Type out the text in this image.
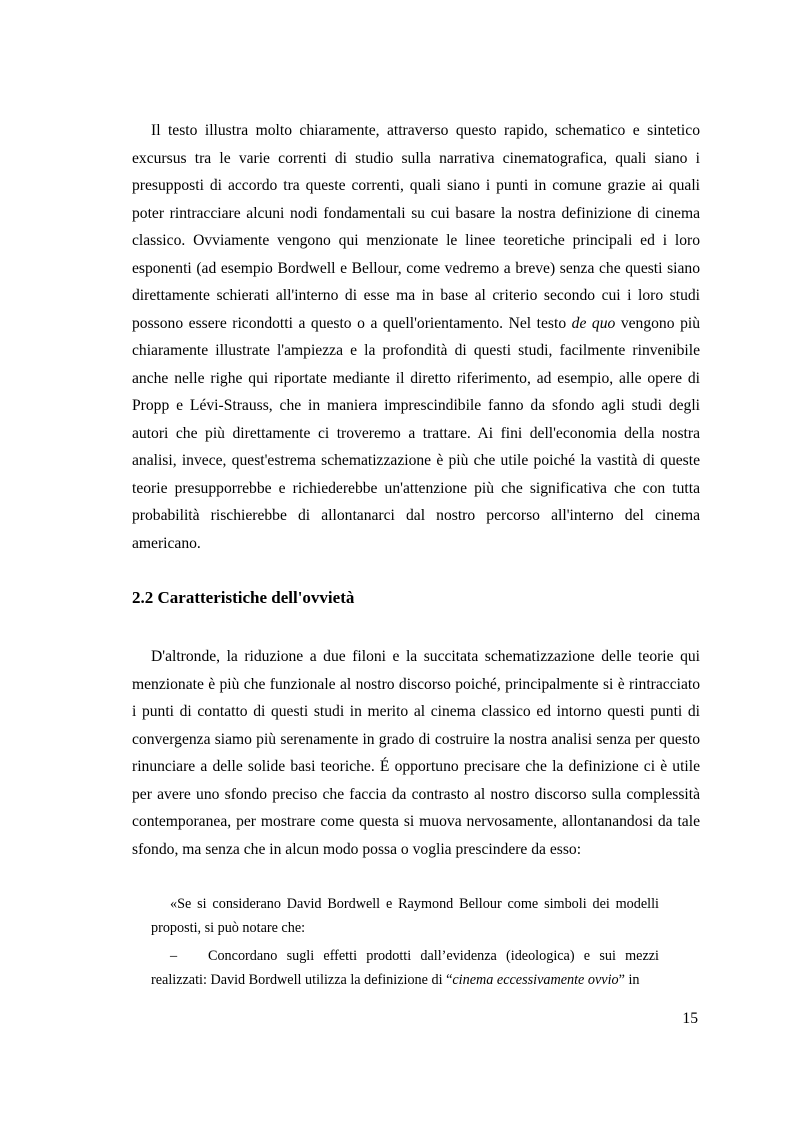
Il testo illustra molto chiaramente, attraverso questo rapido, schematico e sintetico excursus tra le varie correnti di studio sulla narrativa cinematografica, quali siano i presupposti di accordo tra queste correnti, quali siano i punti in comune grazie ai quali poter rintracciare alcuni nodi fondamentali su cui basare la nostra definizione di cinema classico. Ovviamente vengono qui menzionate le linee teoretiche principali ed i loro esponenti (ad esempio Bordwell e Bellour, come vedremo a breve) senza che questi siano direttamente schierati all'interno di esse ma in base al criterio secondo cui i loro studi possono essere ricondotti a questo o a quell'orientamento. Nel testo de quo vengono più chiaramente illustrate l'ampiezza e la profondità di questi studi, facilmente rinvenibile anche nelle righe qui riportate mediante il diretto riferimento, ad esempio, alle opere di Propp e Lévi-Strauss, che in maniera imprescindibile fanno da sfondo agli studi degli autori che più direttamente ci troveremo a trattare. Ai fini dell'economia della nostra analisi, invece, quest'estrema schematizzazione è più che utile poiché la vastità di queste teorie presupporrebbe e richiederebbe un'attenzione più che significativa che con tutta probabilità rischierebbe di allontanarci dal nostro percorso all'interno del cinema americano.

2.2 Caratteristiche dell'ovvietà

D'altronde, la riduzione a due filoni e la succitata schematizzazione delle teorie qui menzionate è più che funzionale al nostro discorso poiché, principalmente si è rintracciato i punti di contatto di questi studi in merito al cinema classico ed intorno questi punti di convergenza siamo più serenamente in grado di costruire la nostra analisi senza per questo rinunciare a delle solide basi teoriche. É opportuno precisare che la definizione ci è utile per avere uno sfondo preciso che faccia da contrasto al nostro discorso sulla complessità contemporanea, per mostrare come questa si muova nervosamente, allontanandosi da tale sfondo, ma senza che in alcun modo possa o voglia prescindere da esso:

«Se si considerano David Bordwell e Raymond Bellour come simboli dei modelli proposti, si può notare che:

– Concordano sugli effetti prodotti dall’evidenza (ideologica) e sui mezzi realizzati: David Bordwell utilizza la definizione di “cinema eccessivamente ovvio” in

15
